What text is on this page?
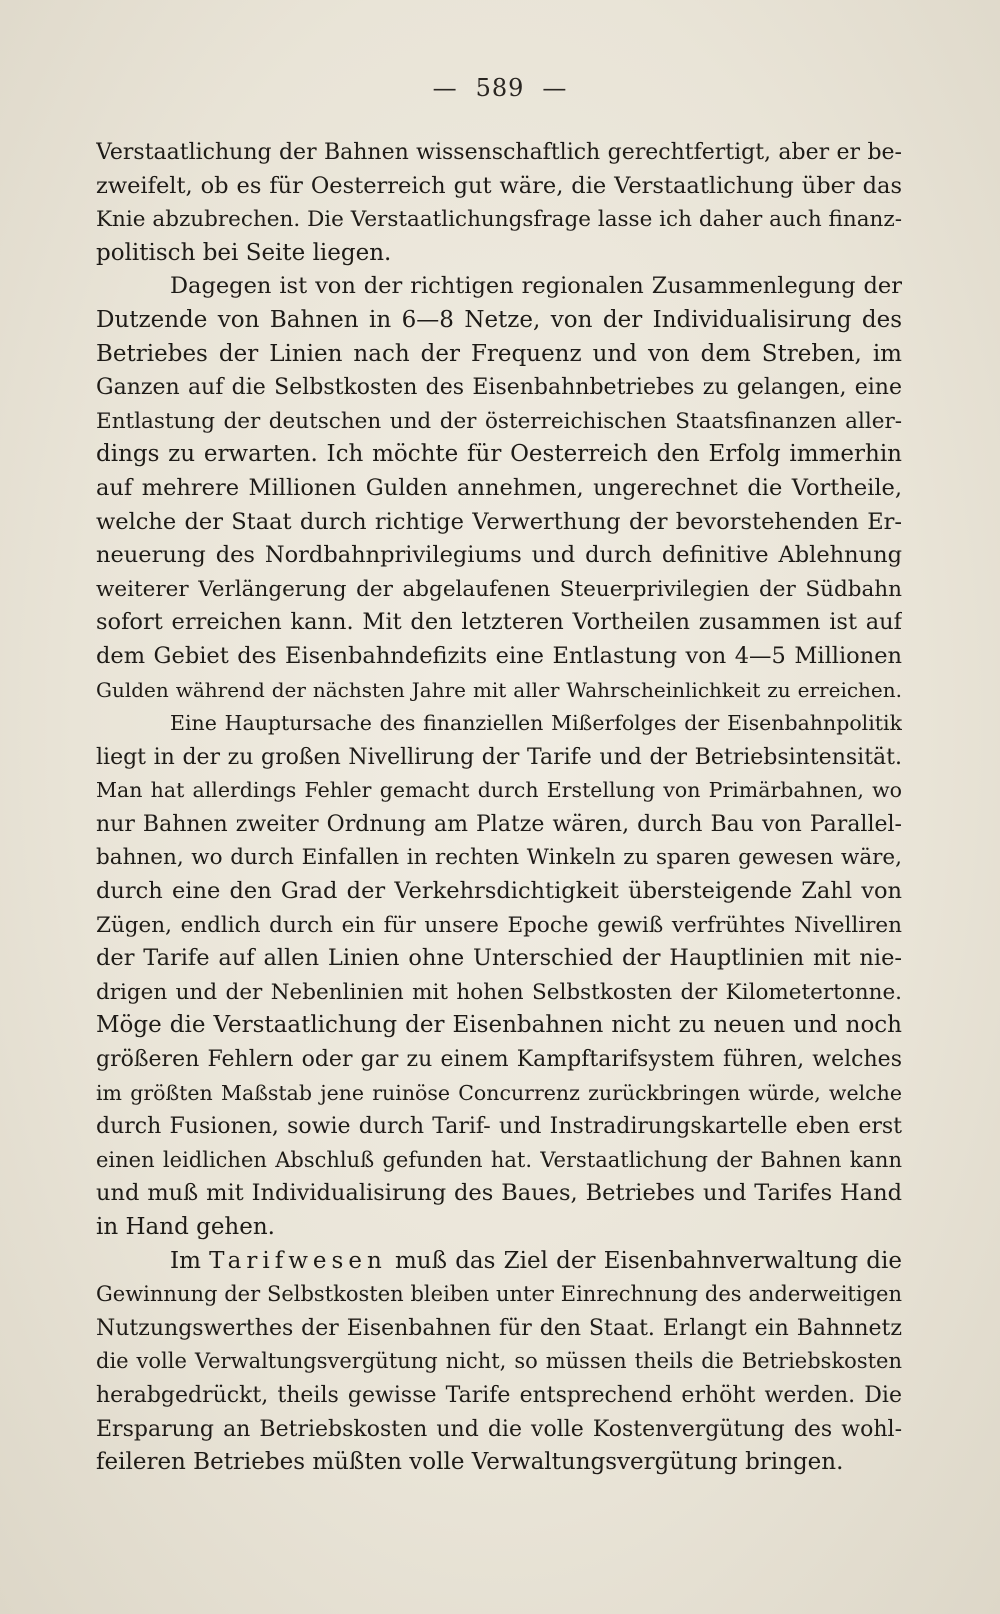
— 589 —
Verstaatlichung der Bahnen wissenschaftlich gerechtfertigt, aber er be-
zweifelt, ob es für Oesterreich gut wäre, die Verstaatlichung über das
Knie abzubrechen. Die Verstaatlichungsfrage lasse ich daher auch finanz-
politisch bei Seite liegen.
Dagegen ist von der richtigen regionalen Zusammenlegung der
Dutzende von Bahnen in 6—8 Netze, von der Individualisirung des
Betriebes der Linien nach der Frequenz und von dem Streben, im
Ganzen auf die Selbstkosten des Eisenbahnbetriebes zu gelangen, eine
Entlastung der deutschen und der österreichischen Staatsfinanzen aller-
dings zu erwarten. Ich möchte für Oesterreich den Erfolg immerhin
auf mehrere Millionen Gulden annehmen, ungerechnet die Vortheile,
welche der Staat durch richtige Verwerthung der bevorstehenden Er-
neuerung des Nordbahnprivilegiums und durch definitive Ablehnung
weiterer Verlängerung der abgelaufenen Steuerprivilegien der Südbahn
sofort erreichen kann. Mit den letzteren Vortheilen zusammen ist auf
dem Gebiet des Eisenbahndefizits eine Entlastung von 4—5 Millionen
Gulden während der nächsten Jahre mit aller Wahrscheinlichkeit zu erreichen.
Eine Hauptursache des finanziellen Mißerfolges der Eisenbahnpolitik
liegt in der zu großen Nivellirung der Tarife und der Betriebsintensität.
Man hat allerdings Fehler gemacht durch Erstellung von Primärbahnen, wo
nur Bahnen zweiter Ordnung am Platze wären, durch Bau von Parallel-
bahnen, wo durch Einfallen in rechten Winkeln zu sparen gewesen wäre,
durch eine den Grad der Verkehrsdichtigkeit übersteigende Zahl von
Zügen, endlich durch ein für unsere Epoche gewiß verfrühtes Nivelliren
der Tarife auf allen Linien ohne Unterschied der Hauptlinien mit nie-
drigen und der Nebenlinien mit hohen Selbstkosten der Kilometertonne.
Möge die Verstaatlichung der Eisenbahnen nicht zu neuen und noch
größeren Fehlern oder gar zu einem Kampftarifsystem führen, welches
im größten Maßstab jene ruinöse Concurrenz zurückbringen würde, welche
durch Fusionen, sowie durch Tarif- und Instradirungskartelle eben erst
einen leidlichen Abschluß gefunden hat. Verstaatlichung der Bahnen kann
und muß mit Individualisirung des Baues, Betriebes und Tarifes Hand
in Hand gehen.
Im Tarifwesen muß das Ziel der Eisenbahnverwaltung die
Gewinnung der Selbstkosten bleiben unter Einrechnung des anderweitigen
Nutzungswerthes der Eisenbahnen für den Staat. Erlangt ein Bahnnetz
die volle Verwaltungsvergütung nicht, so müssen theils die Betriebskosten
herabgedrückt, theils gewisse Tarife entsprechend erhöht werden. Die
Ersparung an Betriebskosten und die volle Kostenvergütung des wohl-
feileren Betriebes müßten volle Verwaltungsvergütung bringen.
